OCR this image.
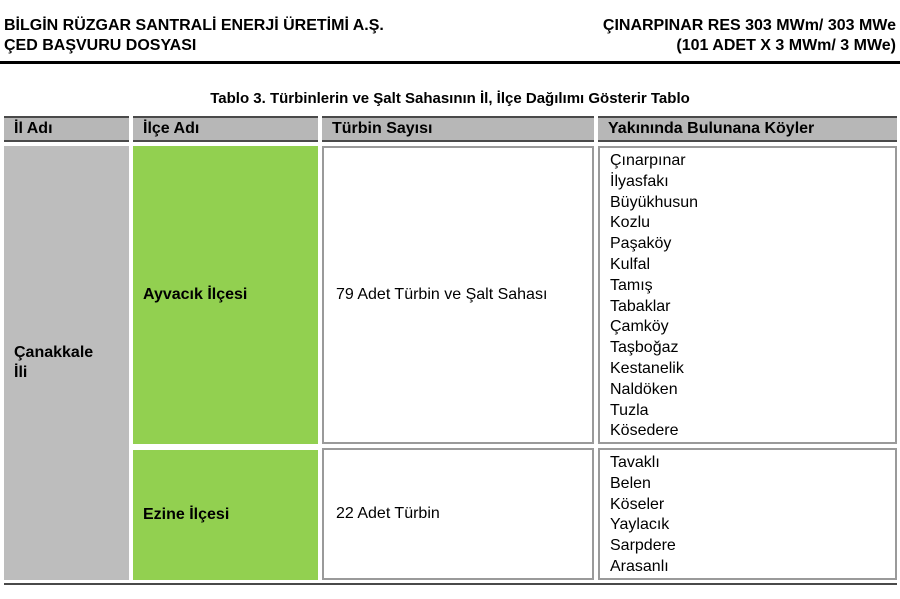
BİLGİN RÜZGAR SANTRALİ ENERJİ ÜRETİMİ A.Ş.
ÇED BAŞVURU DOSYASI
ÇINARPINAR RES 303 MWm/ 303 MWe
(101 ADET X 3 MWm/ 3 MWe)
Tablo 3. Türbinlerin ve Şalt Sahasının İl, İlçe Dağılımı Gösterir Tablo
İl Adı	İlçe Adı	Türbin Sayısı	Yakınında Bulunana Köyler
Çanakkale
İli
Ayvacık İlçesi	79 Adet Türbin ve Şalt Sahası
Çınarpınar
İlyasfakı
Büyükhusun
Kozlu
Paşaköy
Kulfal
Tamış
Tabaklar
Çamköy
Taşboğaz
Kestanelik
Naldöken
Tuzla
Kösedere
Ezine İlçesi	22 Adet Türbin
Tavaklı
Belen
Köseler
Yaylacık
Sarpdere
Arasanlı
